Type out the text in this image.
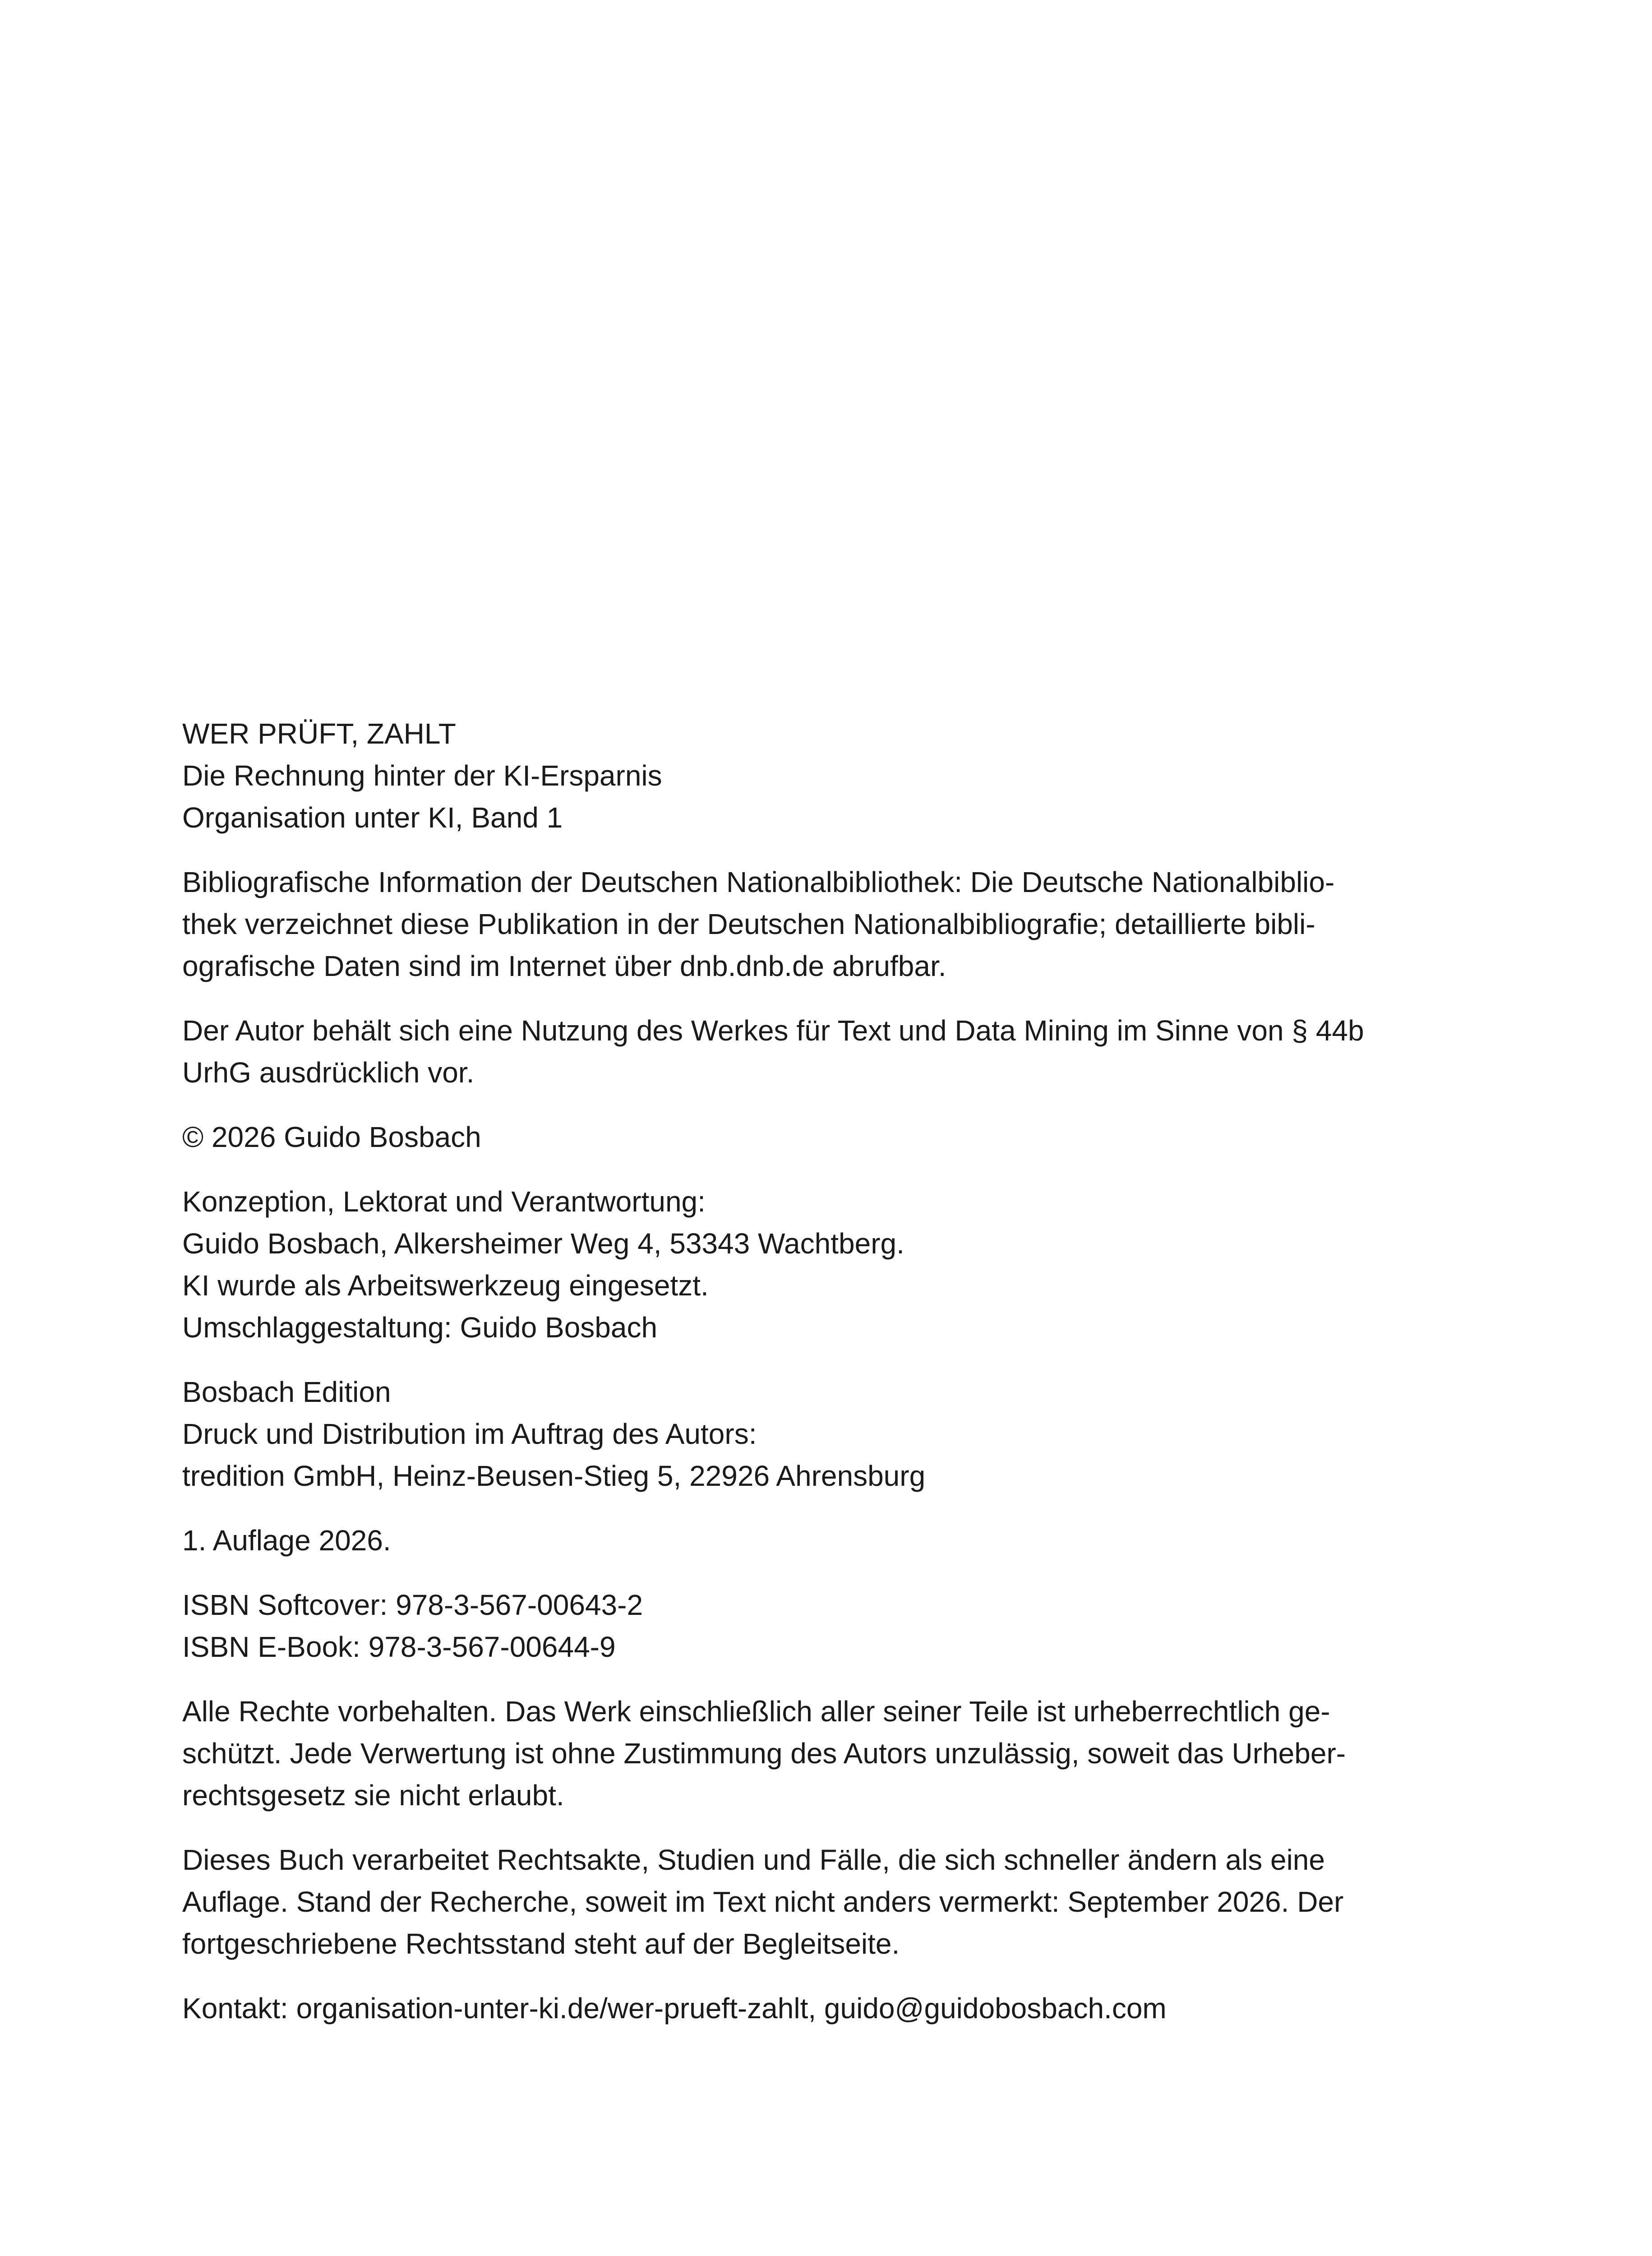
WER PRÜFT, ZAHLT
Die Rechnung hinter der KI-Ersparnis
Organisation unter KI, Band 1
Bibliografische Information der Deutschen Nationalbibliothek: Die Deutsche Nationalbiblio-
thek verzeichnet diese Publikation in der Deutschen Nationalbibliografie; detaillierte bibli-
ografische Daten sind im Internet über dnb.dnb.de abrufbar.
Der Autor behält sich eine Nutzung des Werkes für Text und Data Mining im Sinne von § 44b
UrhG ausdrücklich vor.
© 2026 Guido Bosbach
Konzeption, Lektorat und Verantwortung:
Guido Bosbach, Alkersheimer Weg 4, 53343 Wachtberg.
KI wurde als Arbeitswerkzeug eingesetzt.
Umschlaggestaltung: Guido Bosbach
Bosbach Edition
Druck und Distribution im Auftrag des Autors:
tredition GmbH, Heinz-Beusen-Stieg 5, 22926 Ahrensburg
1. Auflage 2026.
ISBN Softcover: 978-3-567-00643-2
ISBN E-Book: 978-3-567-00644-9
Alle Rechte vorbehalten. Das Werk einschließlich aller seiner Teile ist urheberrechtlich ge-
schützt. Jede Verwertung ist ohne Zustimmung des Autors unzulässig, soweit das Urheber-
rechtsgesetz sie nicht erlaubt.
Dieses Buch verarbeitet Rechtsakte, Studien und Fälle, die sich schneller ändern als eine
Auflage. Stand der Recherche, soweit im Text nicht anders vermerkt: September 2026. Der
fortgeschriebene Rechtsstand steht auf der Begleitseite.
Kontakt: organisation-unter-ki.de/wer-prueft-zahlt, guido@guidobosbach.com
